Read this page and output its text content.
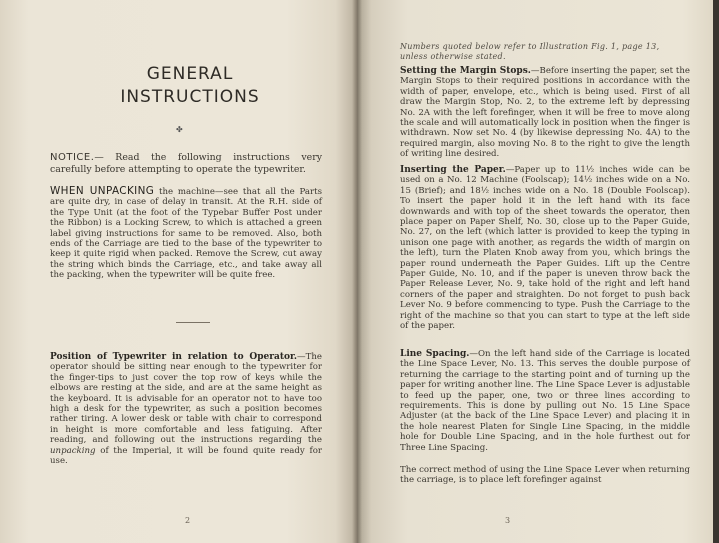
GENERAL
INSTRUCTIONS
✤
NOTICE.— Read the following instructions very carefully before attempting to operate the typewriter.
WHEN UNPACKING the machine—see that all the Parts are quite dry, in case of delay in transit. At the R.H. side of the Type Unit (at the foot of the Typebar Buffer Post under the Ribbon) is a Locking Screw, to which is attached a green label giving instructions for same to be removed. Also, both ends of the Carriage are tied to the base of the typewriter to keep it quite rigid when packed. Remove the Screw, cut away the string which binds the Carriage, etc., and take away all the packing, when the typewriter will be quite free.
Position of Typewriter in relation to Operator.—The operator should be sitting near enough to the typewriter for the finger-tips to just cover the top row of keys while the elbows are resting at the side, and are at the same height as the keyboard. It is advisable for an operator not to have too high a desk for the typewriter, as such a position becomes rather tiring. A lower desk or table with chair to correspond in height is more comfortable and less fatiguing. After reading, and following out the instructions regarding the unpacking of the Imperial, it will be found quite ready for use.
2
Numbers quoted below refer to Illustration Fig. 1, page 13,
unless otherwise stated.
Setting the Margin Stops.—Before inserting the paper, set the Margin Stops to their required positions in accordance with the width of paper, envelope, etc., which is being used. First of all draw the Margin Stop, No. 2, to the extreme left by depressing No. 2A with the left forefinger, when it will be free to move along the scale and will automatically lock in position when the finger is withdrawn. Now set No. 4 (by likewise depressing No. 4A) to the required margin, also moving No. 8 to the right to give the length of writing line desired.
Inserting the Paper.—Paper up to 11½ inches wide can be used on a No. 12 Machine (Foolscap); 14½ inches wide on a No. 15 (Brief); and 18½ inches wide on a No. 18 (Double Foolscap). To insert the paper hold it in the left hand with its face downwards and with top of the sheet towards the operator, then place paper on Paper Shelf, No. 30, close up to the Paper Guide, No. 27, on the left (which latter is provided to keep the typing in unison one page with another, as regards the width of margin on the left), turn the Platen Knob away from you, which brings the paper round underneath the Paper Guides. Lift up the Centre Paper Guide, No. 10, and if the paper is uneven throw back the Paper Release Lever, No. 9, take hold of the right and left hand corners of the paper and straighten. Do not forget to push back Lever No. 9 before commencing to type. Push the Carriage to the right of the machine so that you can start to type at the left side of the paper.
Line Spacing.—On the left hand side of the Carriage is located the Line Space Lever, No. 13. This serves the double purpose of returning the carriage to the starting point and of turning up the paper for writing another line. The Line Space Lever is adjustable to feed up the paper, one, two or three lines according to requirements. This is done by pulling out No. 15 Line Space Adjuster (at the back of the Line Space Lever) and placing it in the hole nearest Platen for Single Line Spacing, in the middle hole for Double Line Spacing, and in the hole furthest out for Three Line Spacing.
The correct method of using the Line Space Lever when returning the carriage, is to place left forefinger against
3
